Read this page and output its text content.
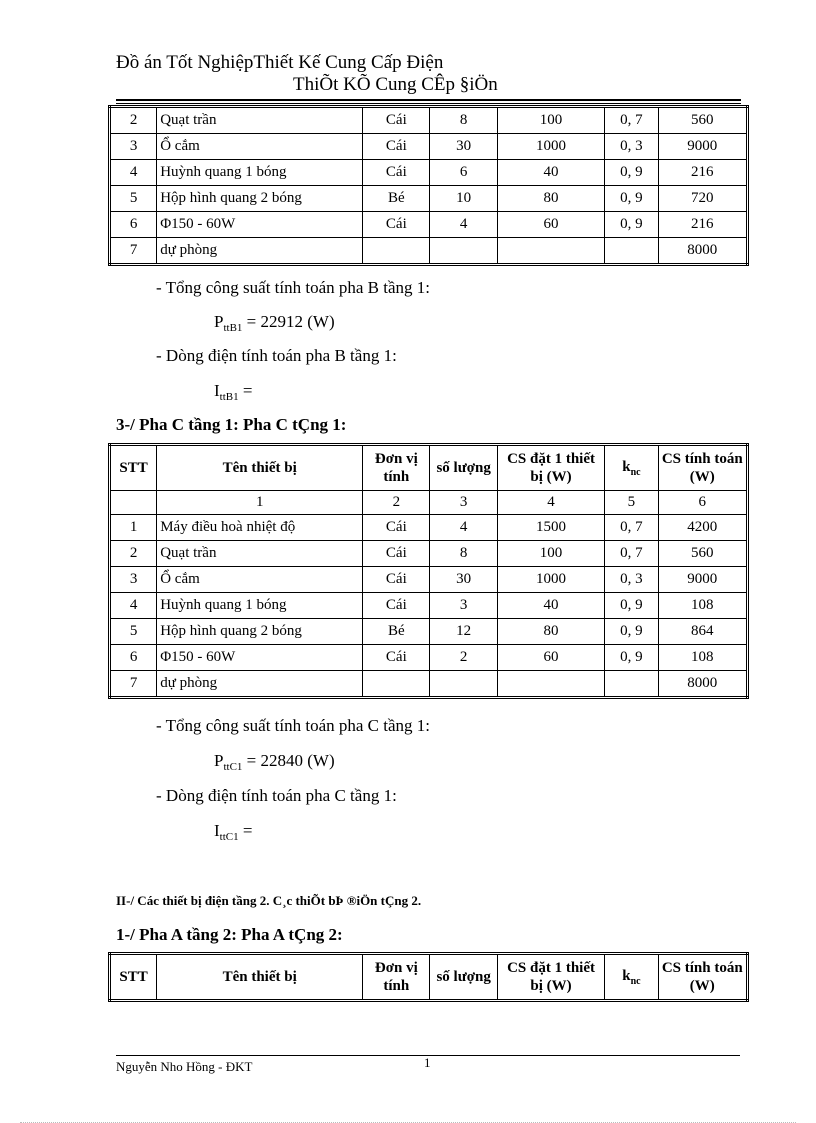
Đồ án Tốt NghiệpThiết Kế Cung Cấp Điện
ThiÕt KÕ Cung CÊp §iÖn
2	Quạt trần	Cái	8	100	0, 7	560
3	Ổ cắm	Cái	30	1000	0, 3	9000
4	Huỳnh quang 1 bóng	Cái	6	40	0, 9	216
5	Hộp hình quang 2 bóng	Bé	10	80	0, 9	720
6	Φ150 - 60W	Cái	4	60	0, 9	216
7	dự phòng					8000
- Tổng công suất tính toán pha B tầng 1:
$P_{ttB1} = 22912$ (W)
- Dòng điện tính toán pha B tầng 1:
$I_{ttB1}$ =
3-/ Pha C tầng 1: Pha C tÇng 1:
STT	Tên thiết bị	Đơn vị tính	số lượng	CS đặt 1 thiết bị (W)	$k_{nc}$	CS tính toán (W)
	1	2	3	4	5	6
1	Máy điều hoà nhiệt độ	Cái	4	1500	0, 7	4200
2	Quạt trần	Cái	8	100	0, 7	560
3	Ổ cắm	Cái	30	1000	0, 3	9000
4	Huỳnh quang 1 bóng	Cái	3	40	0, 9	108
5	Hộp hình quang 2 bóng	Bé	12	80	0, 9	864
6	Φ150 - 60W	Cái	2	60	0, 9	108
7	dự phòng					8000
- Tổng công suất tính toán pha C tầng 1:
$P_{ttC1} = 22840$ (W)
- Dòng điện tính toán pha C tầng 1:
$I_{ttC1}$ =
II-/ Các thiết bị điện tầng 2. C¸c thiÕt bÞ ®iÖn tÇng 2.
1-/ Pha A tầng 2: Pha A tÇng 2:
STT	Tên thiết bị	Đơn vị tính	số lượng	CS đặt 1 thiết bị (W)	$k_{nc}$	CS tính toán (W)
Nguyễn Nho Hồng - ĐKT	1
